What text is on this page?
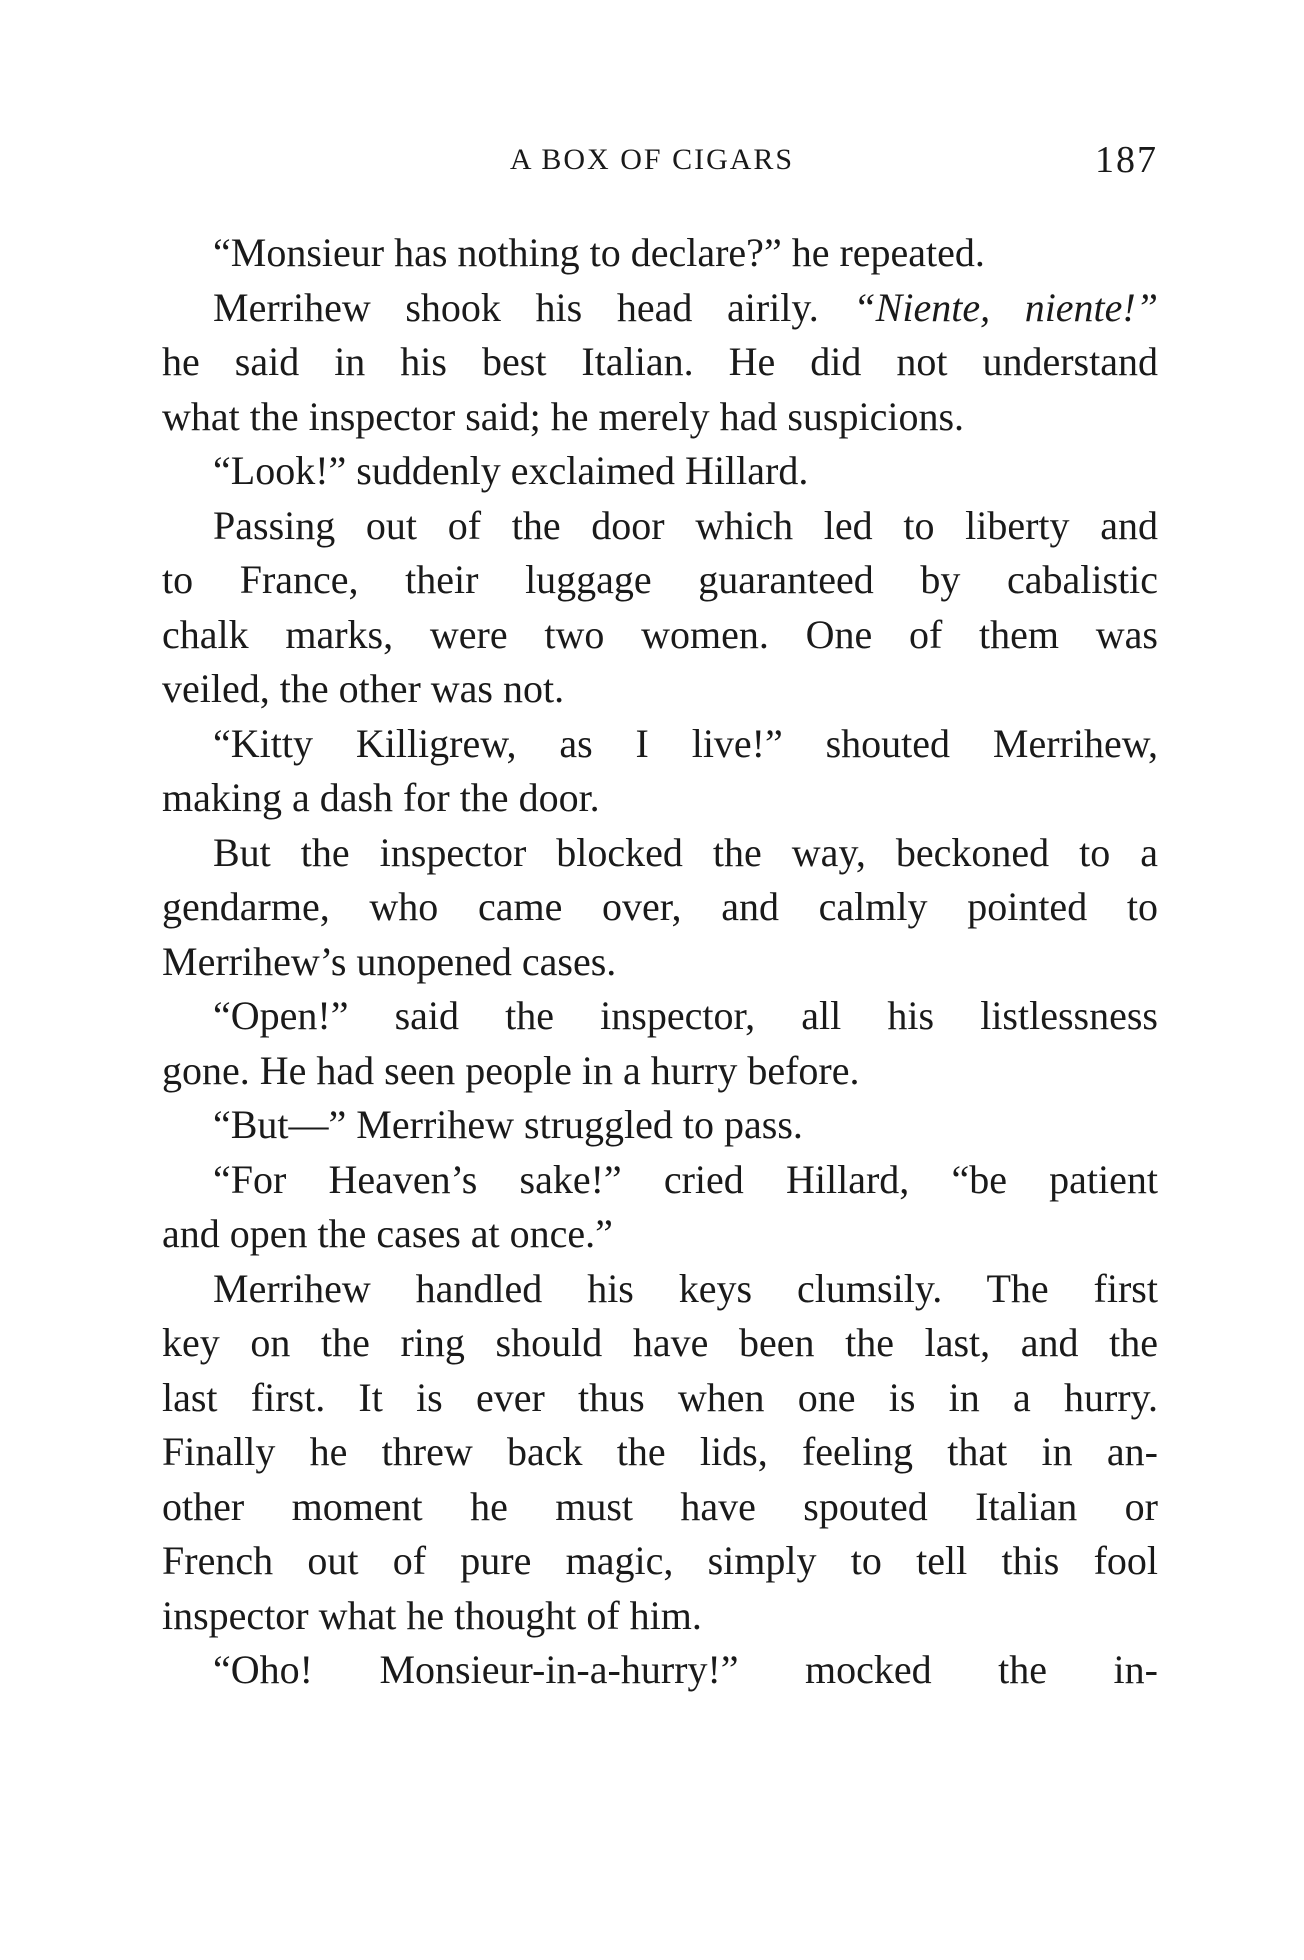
A BOX OF CIGARS	187
“Monsieur has nothing to declare?” he repeated.
Merrihew shook his head airily. “Niente, niente!”
he said in his best Italian. He did not understand
what the inspector said; he merely had suspicions.
“Look!” suddenly exclaimed Hillard.
Passing out of the door which led to liberty and
to France, their luggage guaranteed by cabalistic
chalk marks, were two women. One of them was
veiled, the other was not.
“Kitty Killigrew, as I live!” shouted Merrihew,
making a dash for the door.
But the inspector blocked the way, beckoned to a
gendarme, who came over, and calmly pointed to
Merrihew’s unopened cases.
“Open!” said the inspector, all his listlessness
gone. He had seen people in a hurry before.
“But—” Merrihew struggled to pass.
“For Heaven’s sake!” cried Hillard, “be patient
and open the cases at once.”
Merrihew handled his keys clumsily. The first
key on the ring should have been the last, and the
last first. It is ever thus when one is in a hurry.
Finally he threw back the lids, feeling that in an-
other moment he must have spouted Italian or
French out of pure magic, simply to tell this fool
inspector what he thought of him.
“Oho! Monsieur-in-a-hurry!” mocked the in-
